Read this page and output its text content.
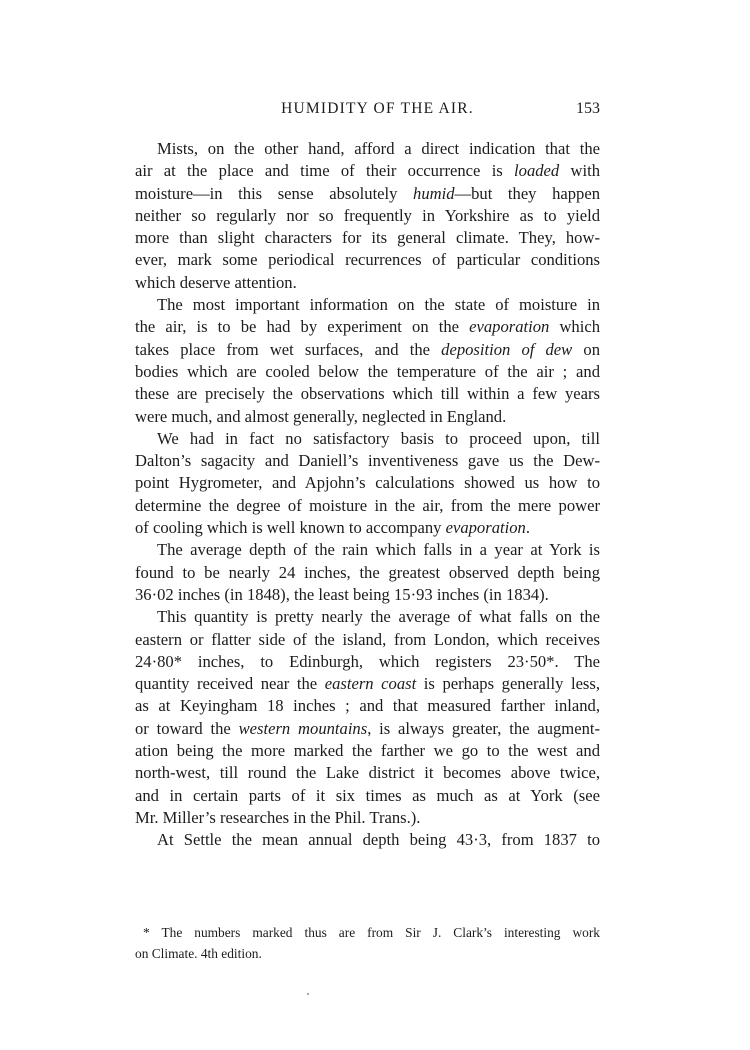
HUMIDITY OF THE AIR.	153
Mists, on the other hand, afford a direct indication that the
air at the place and time of their occurrence is loaded with
moisture—in this sense absolutely humid—but they happen
neither so regularly nor so frequently in Yorkshire as to yield
more than slight characters for its general climate. They, how-
ever, mark some periodical recurrences of particular conditions
which deserve attention.
The most important information on the state of moisture in
the air, is to be had by experiment on the evaporation which
takes place from wet surfaces, and the deposition of dew on
bodies which are cooled below the temperature of the air ; and
these are precisely the observations which till within a few years
were much, and almost generally, neglected in England.
We had in fact no satisfactory basis to proceed upon, till
Dalton’s sagacity and Daniell’s inventiveness gave us the Dew-
point Hygrometer, and Apjohn’s calculations showed us how to
determine the degree of moisture in the air, from the mere power
of cooling which is well known to accompany evaporation.
The average depth of the rain which falls in a year at York is
found to be nearly 24 inches, the greatest observed depth being
36·02 inches (in 1848), the least being 15·93 inches (in 1834).
This quantity is pretty nearly the average of what falls on the
eastern or flatter side of the island, from London, which receives
24·80* inches, to Edinburgh, which registers 23·50*. The
quantity received near the eastern coast is perhaps generally less,
as at Keyingham 18 inches ; and that measured farther inland,
or toward the western mountains, is always greater, the augment-
ation being the more marked the farther we go to the west and
north-west, till round the Lake district it becomes above twice,
and in certain parts of it six times as much as at York (see
Mr. Miller’s researches in the Phil. Trans.).
At Settle the mean annual depth being 43·3, from 1837 to
* The numbers marked thus are from Sir J. Clark’s interesting work
on Climate. 4th edition.
